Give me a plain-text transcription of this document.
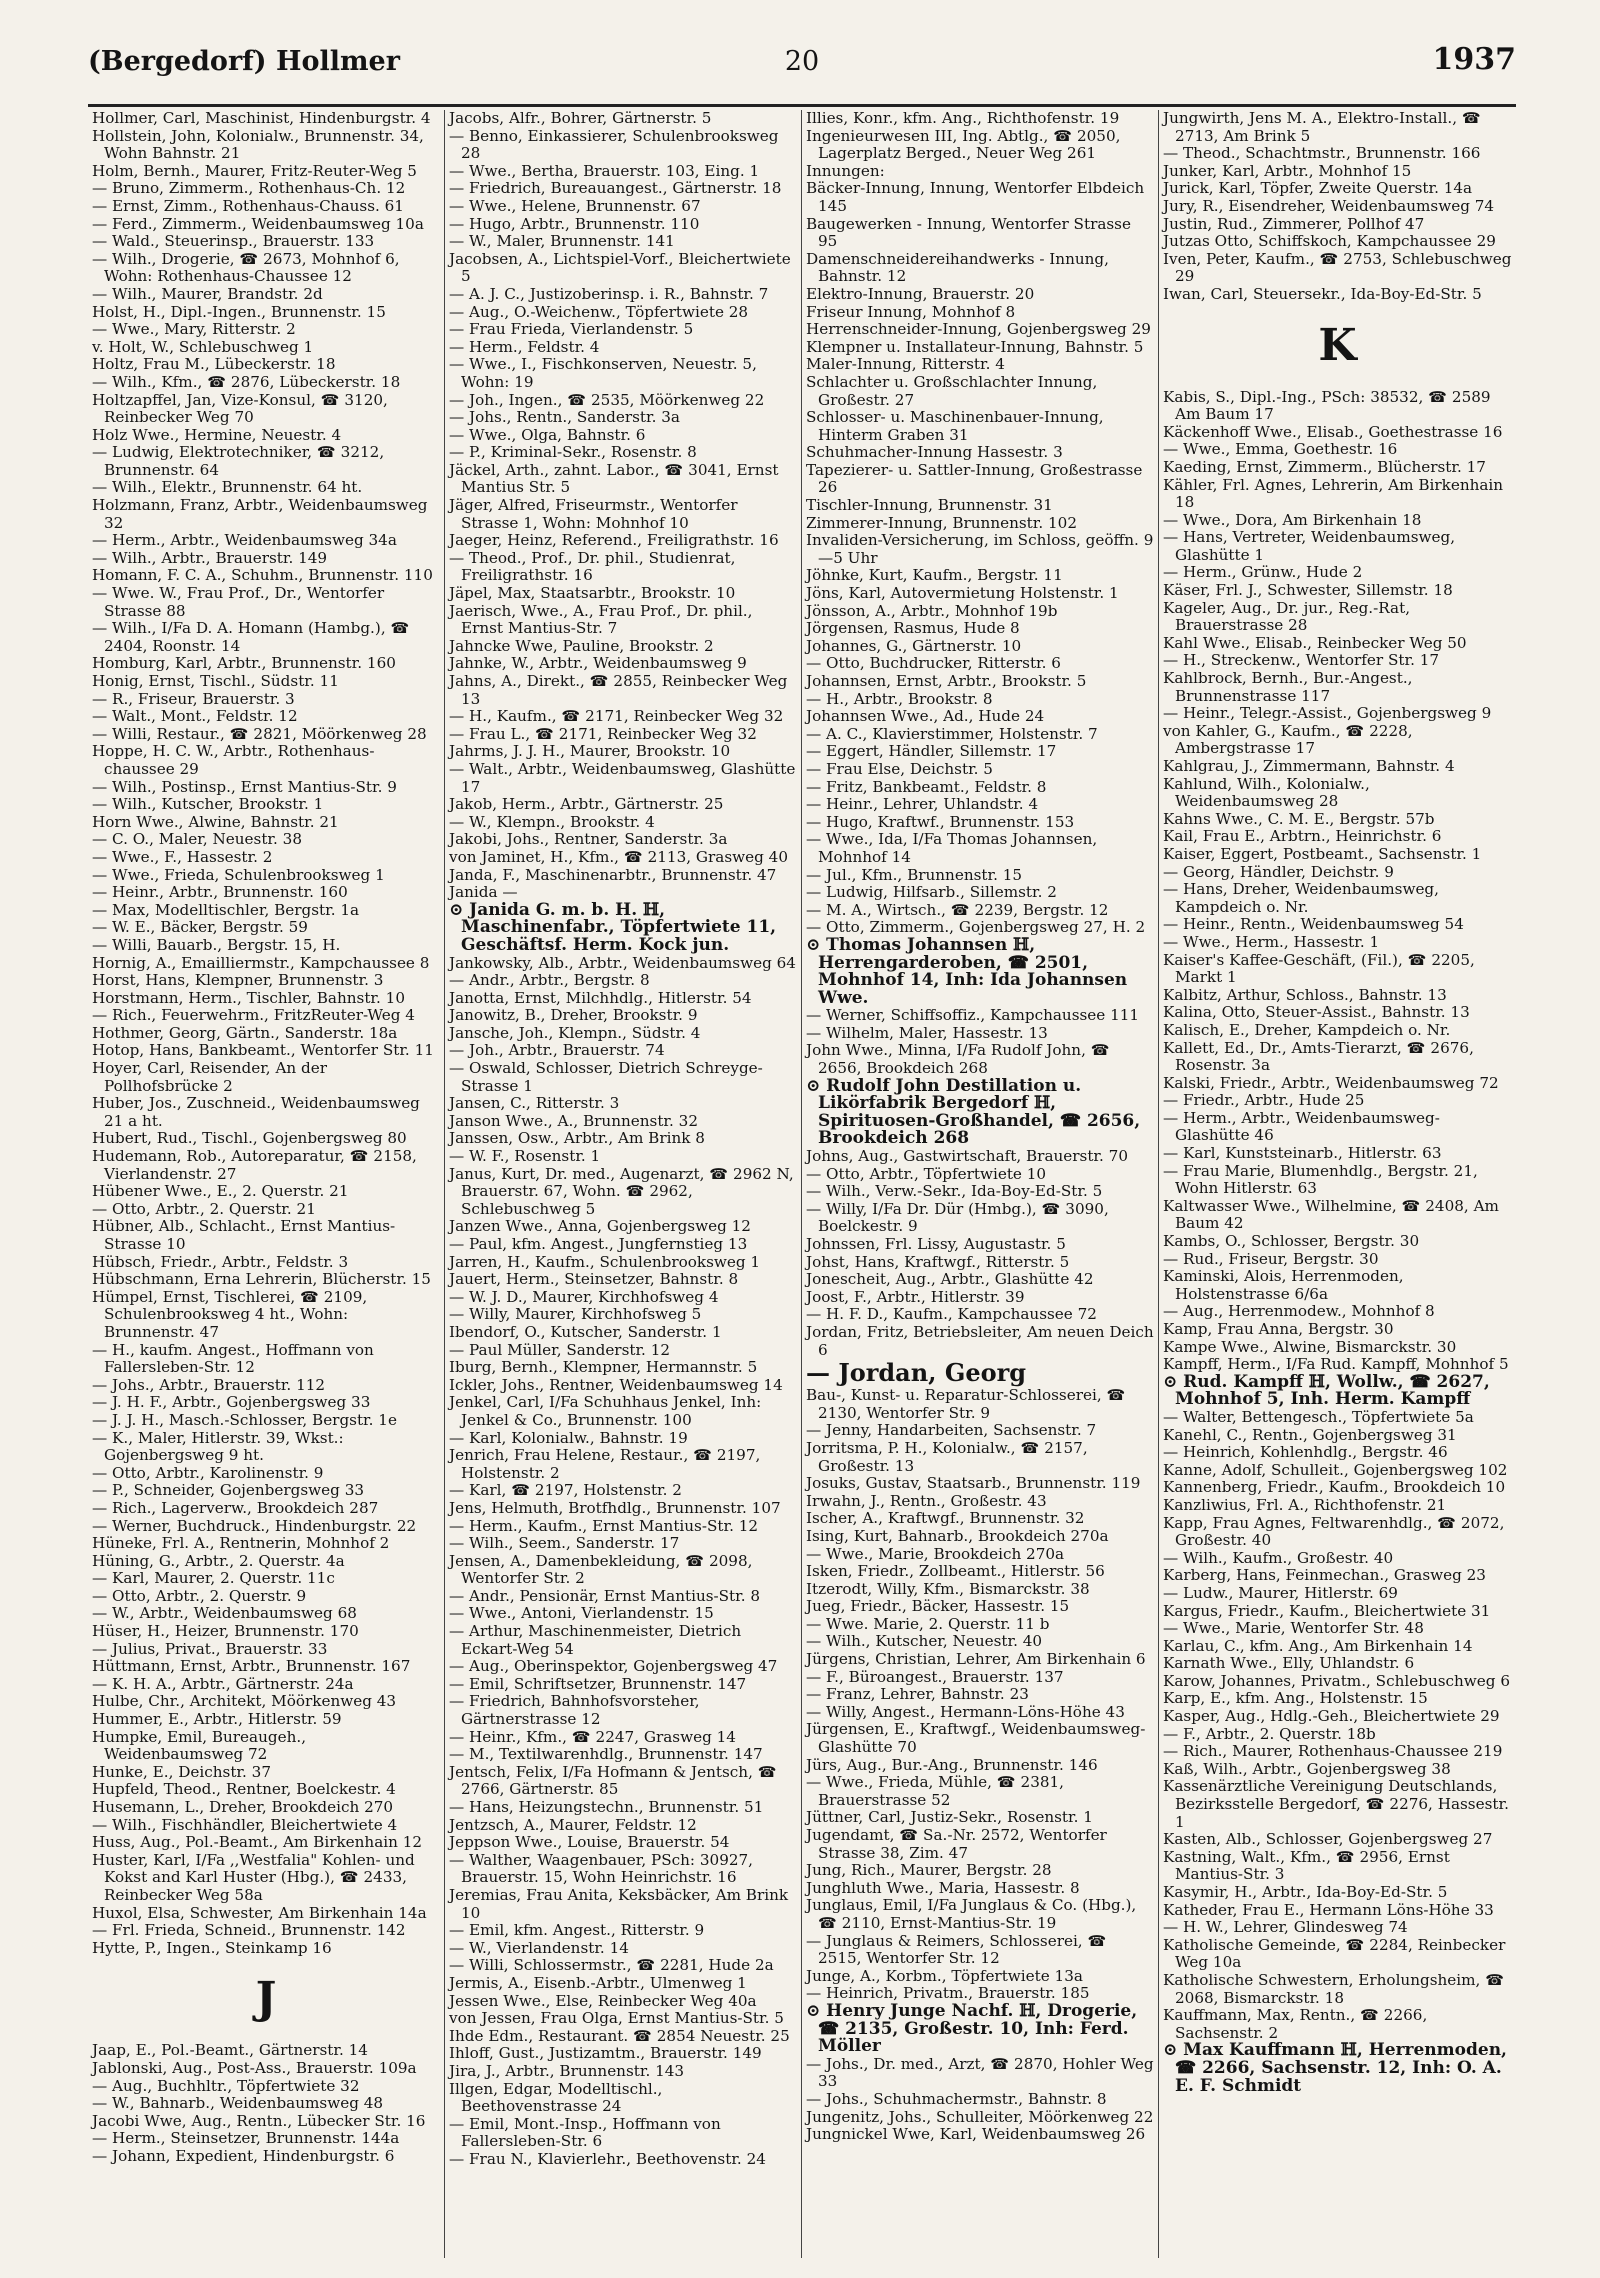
(Bergedorf) Hollmer	20	1937

Hollmer, Carl, Maschinist, Hindenburgstr. 4

Hollstein, John, Kolonialw., Brunnenstr. 34, Wohn Bahnstr. 21

Holm, Bernh., Maurer, Fritz-Reuter-Weg 5

— Bruno, Zimmerm., Rothenhaus-Ch. 12

— Ernst, Zimm., Rothenhaus-Chauss. 61

— Ferd., Zimmerm., Weidenbaumsweg 10a

— Wald., Steuerinsp., Brauerstr. 133

— Wilh., Drogerie, ☎ 2673, Mohnhof 6, Wohn: Rothenhaus-Chaussee 12

— Wilh., Maurer, Brandstr. 2d

Holst, H., Dipl.-Ingen., Brunnenstr. 15

— Wwe., Mary, Ritterstr. 2

v. Holt, W., Schlebuschweg 1

Holtz, Frau M., Lübeckerstr. 18

— Wilh., Kfm., ☎ 2876, Lübeckerstr. 18

Holtzapffel, Jan, Vize-Konsul, ☎ 3120, Reinbecker Weg 70

Holz Wwe., Hermine, Neuestr. 4

— Ludwig, Elektrotechniker, ☎ 3212, Brunnenstr. 64

— Wilh., Elektr., Brunnenstr. 64 ht.

Holzmann, Franz, Arbtr., Weidenbaumsweg 32

— Herm., Arbtr., Weidenbaumsweg 34a

— Wilh., Arbtr., Brauerstr. 149

Homann, F. C. A., Schuhm., Brunnenstr. 110

— Wwe. W., Frau Prof., Dr., Wentorfer Strasse 88

— Wilh., I/Fa D. A. Homann (Hambg.), ☎ 2404, Roonstr. 14

Homburg, Karl, Arbtr., Brunnenstr. 160

Honig, Ernst, Tischl., Südstr. 11

— R., Friseur, Brauerstr. 3

— Walt., Mont., Feldstr. 12

— Willi, Restaur., ☎ 2821, Möörkenweg 28

Hoppe, H. C. W., Arbtr., Rothenhaus-chaussee 29

— Wilh., Postinsp., Ernst Mantius-Str. 9

— Wilh., Kutscher, Brookstr. 1

Horn Wwe., Alwine, Bahnstr. 21

— C. O., Maler, Neuestr. 38

— Wwe., F., Hassestr. 2

— Wwe., Frieda, Schulenbrooksweg 1

— Heinr., Arbtr., Brunnenstr. 160

— Max, Modelltischler, Bergstr. 1a

— W. E., Bäcker, Bergstr. 59

— Willi, Bauarb., Bergstr. 15, H.

Hornig, A., Emailliermstr., Kampchaussee 8

Horst, Hans, Klempner, Brunnenstr. 3

Horstmann, Herm., Tischler, Bahnstr. 10

— Rich., Feuerwehrm., FritzReuter-Weg 4

Hothmer, Georg, Gärtn., Sanderstr. 18a

Hotop, Hans, Bankbeamt., Wentorfer Str. 11

Hoyer, Carl, Reisender, An der Pollhofsbrücke 2

Huber, Jos., Zuschneid., Weidenbaumsweg 21 a ht.

Hubert, Rud., Tischl., Gojenbergsweg 80

Hudemann, Rob., Autoreparatur, ☎ 2158, Vierlandenstr. 27

Hübener Wwe., E., 2. Querstr. 21

— Otto, Arbtr., 2. Querstr. 21

Hübner, Alb., Schlacht., Ernst Mantius-Strasse 10

Hübsch, Friedr., Arbtr., Feldstr. 3

Hübschmann, Erna Lehrerin, Blücherstr. 15

Hümpel, Ernst, Tischlerei, ☎ 2109, Schulenbrooksweg 4 ht., Wohn: Brunnenstr. 47

— H., kaufm. Angest., Hoffmann von Fallersleben-Str. 12

— Johs., Arbtr., Brauerstr. 112

— J. H. F., Arbtr., Gojenbergsweg 33

— J. J. H., Masch.-Schlosser, Bergstr. 1e

— K., Maler, Hitlerstr. 39, Wkst.: Gojenbergsweg 9 ht.

— Otto, Arbtr., Karolinenstr. 9

— P., Schneider, Gojenbergsweg 33

— Rich., Lagerverw., Brookdeich 287

— Werner, Buchdruck., Hindenburgstr. 22

Hüneke, Frl. A., Rentnerin, Mohnhof 2

Hüning, G., Arbtr., 2. Querstr. 4a

— Karl, Maurer, 2. Querstr. 11c

— Otto, Arbtr., 2. Querstr. 9

— W., Arbtr., Weidenbaumsweg 68

Hüser, H., Heizer, Brunnenstr. 170

— Julius, Privat., Brauerstr. 33

Hüttmann, Ernst, Arbtr., Brunnenstr. 167

— K. H. A., Arbtr., Gärtnerstr. 24a

Hulbe, Chr., Architekt, Möörkenweg 43

Hummer, E., Arbtr., Hitlerstr. 59

Humpke, Emil, Bureaugeh., Weidenbaumsweg 72

Hunke, E., Deichstr. 37

Hupfeld, Theod., Rentner, Boelckestr. 4

Husemann, L., Dreher, Brookdeich 270

— Wilh., Fischhändler, Bleichertwiete 4

Huss, Aug., Pol.-Beamt., Am Birkenhain 12

Huster, Karl, I/Fa ,,Westfalia" Kohlen- und Kokst and Karl Huster (Hbg.), ☎ 2433, Reinbecker Weg 58a

Huxol, Elsa, Schwester, Am Birkenhain 14a

— Frl. Frieda, Schneid., Brunnenstr. 142

Hytte, P., Ingen., Steinkamp 16

J

Jaap, E., Pol.-Beamt., Gärtnerstr. 14

Jablonski, Aug., Post-Ass., Brauerstr. 109a

— Aug., Buchhltr., Töpfertwiete 32

— W., Bahnarb., Weidenbaumsweg 48

Jacobi Wwe, Aug., Rentn., Lübecker Str. 16

— Herm., Steinsetzer, Brunnenstr. 144a

— Johann, Expedient, Hindenburgstr. 6

Jacobs, Alfr., Bohrer, Gärtnerstr. 5

— Benno, Einkassierer, Schulenbrooksweg 28

— Wwe., Bertha, Brauerstr. 103, Eing. 1

— Friedrich, Bureauangest., Gärtnerstr. 18

— Wwe., Helene, Brunnenstr. 67

— Hugo, Arbtr., Brunnenstr. 110

— W., Maler, Brunnenstr. 141

Jacobsen, A., Lichtspiel-Vorf., Bleichertwiete 5

— A. J. C., Justizoberinsp. i. R., Bahnstr. 7

— Aug., O.-Weichenw., Töpfertwiete 28

— Frau Frieda, Vierlandenstr. 5

— Herm., Feldstr. 4

— Wwe., I., Fischkonserven, Neuestr. 5, Wohn: 19

— Joh., Ingen., ☎ 2535, Möörkenweg 22

— Johs., Rentn., Sanderstr. 3a

— Wwe., Olga, Bahnstr. 6

— P., Kriminal-Sekr., Rosenstr. 8

Jäckel, Arth., zahnt. Labor., ☎ 3041, Ernst Mantius Str. 5

Jäger, Alfred, Friseurmstr., Wentorfer Strasse 1, Wohn: Mohnhof 10

Jaeger, Heinz, Referend., Freiligrathstr. 16

— Theod., Prof., Dr. phil., Studienrat, Freiligrathstr. 16

Jäpel, Max, Staatsarbtr., Brookstr. 10

Jaerisch, Wwe., A., Frau Prof., Dr. phil., Ernst Mantius-Str. 7

Jahncke Wwe, Pauline, Brookstr. 2

Jahnke, W., Arbtr., Weidenbaumsweg 9

Jahns, A., Direkt., ☎ 2855, Reinbecker Weg 13

— H., Kaufm., ☎ 2171, Reinbecker Weg 32

— Frau L., ☎ 2171, Reinbecker Weg 32

Jahrms, J. J. H., Maurer, Brookstr. 10

— Walt., Arbtr., Weidenbaumsweg, Glashütte 17

Jakob, Herm., Arbtr., Gärtnerstr. 25

— W., Klempn., Brookstr. 4

Jakobi, Johs., Rentner, Sanderstr. 3a

von Jaminet, H., Kfm., ☎ 2113, Grasweg 40

Janda, F., Maschinenarbtr., Brunnenstr. 47

Janida —

⊙ Janida G. m. b. H. ℍ, Maschinenfabr., Töpfertwiete 11, Geschäftsf. Herm. Kock jun.

Jankowsky, Alb., Arbtr., Weidenbaumsweg 64

— Andr., Arbtr., Bergstr. 8

Janotta, Ernst, Milchhdlg., Hitlerstr. 54

Janowitz, B., Dreher, Brookstr. 9

Jansche, Joh., Klempn., Südstr. 4

— Joh., Arbtr., Brauerstr. 74

— Oswald, Schlosser, Dietrich Schreyge-Strasse 1

Jansen, C., Ritterstr. 3

Janson Wwe., A., Brunnenstr. 32

Janssen, Osw., Arbtr., Am Brink 8

— W. F., Rosenstr. 1

Janus, Kurt, Dr. med., Augenarzt, ☎ 2962 N, Brauerstr. 67, Wohn. ☎ 2962, Schlebuschweg 5

Janzen Wwe., Anna, Gojenbergsweg 12

— Paul, kfm. Angest., Jungfernstieg 13

Jarren, H., Kaufm., Schulenbrooksweg 1

Jauert, Herm., Steinsetzer, Bahnstr. 8

— W. J. D., Maurer, Kirchhofsweg 4

— Willy, Maurer, Kirchhofsweg 5

Ibendorf, O., Kutscher, Sanderstr. 1

— Paul Müller, Sanderstr. 12

Iburg, Bernh., Klempner, Hermannstr. 5

Ickler, Johs., Rentner, Weidenbaumsweg 14

Jenkel, Carl, I/Fa Schuhhaus Jenkel, Inh: Jenkel & Co., Brunnenstr. 100

— Karl, Kolonialw., Bahnstr. 19

Jenrich, Frau Helene, Restaur., ☎ 2197, Holstenstr. 2

— Karl, ☎ 2197, Holstenstr. 2

Jens, Helmuth, Brotfhdlg., Brunnenstr. 107

— Herm., Kaufm., Ernst Mantius-Str. 12

— Wilh., Seem., Sanderstr. 17

Jensen, A., Damenbekleidung, ☎ 2098, Wentorfer Str. 2

— Andr., Pensionär, Ernst Mantius-Str. 8

— Wwe., Antoni, Vierlandenstr. 15

— Arthur, Maschinenmeister, Dietrich Eckart-Weg 54

— Aug., Oberinspektor, Gojenbergsweg 47

— Emil, Schriftsetzer, Brunnenstr. 147

— Friedrich, Bahnhofsvorsteher, Gärtnerstrasse 12

— Heinr., Kfm., ☎ 2247, Grasweg 14

— M., Textilwarenhdlg., Brunnenstr. 147

Jentsch, Felix, I/Fa Hofmann & Jentsch, ☎ 2766, Gärtnerstr. 85

— Hans, Heizungstechn., Brunnenstr. 51

Jentzsch, A., Maurer, Feldstr. 12

Jeppson Wwe., Louise, Brauerstr. 54

— Walther, Waagenbauer, PSch: 30927, Brauerstr. 15, Wohn Heinrichstr. 16

Jeremias, Frau Anita, Keksbäcker, Am Brink 10

— Emil, kfm. Angest., Ritterstr. 9

— W., Vierlandenstr. 14

— Willi, Schlossermstr., ☎ 2281, Hude 2a

Jermis, A., Eisenb.-Arbtr., Ulmenweg 1

Jessen Wwe., Else, Reinbecker Weg 40a

von Jessen, Frau Olga, Ernst Mantius-Str. 5

Ihde Edm., Restaurant. ☎ 2854 Neuestr. 25

Ihloff, Gust., Justizamtm., Brauerstr. 149

Jira, J., Arbtr., Brunnenstr. 143

Illgen, Edgar, Modelltischl., Beethovenstrasse 24

— Emil, Mont.-Insp., Hoffmann von Fallersleben-Str. 6

— Frau N., Klavierlehr., Beethovenstr. 24

Illies, Konr., kfm. Ang., Richthofenstr. 19

Ingenieurwesen III, Ing. Abtlg., ☎ 2050, Lagerplatz Berged., Neuer Weg 261

Innungen:

Bäcker-Innung, Innung, Wentorfer Elbdeich 145

Baugewerken - Innung, Wentorfer Strasse 95

Damenschneidereihandwerks - Innung, Bahnstr. 12

Elektro-Innung, Brauerstr. 20

Friseur Innung, Mohnhof 8

Herrenschneider-Innung, Gojenbergsweg 29

Klempner u. Installateur-Innung, Bahnstr. 5

Maler-Innung, Ritterstr. 4

Schlachter u. Großschlachter Innung, Großestr. 27

Schlosser- u. Maschinenbauer-Innung, Hinterm Graben 31

Schuhmacher-Innung Hassestr. 3

Tapezierer- u. Sattler-Innung, Großestrasse 26

Tischler-Innung, Brunnenstr. 31

Zimmerer-Innung, Brunnenstr. 102

Invaliden-Versicherung, im Schloss, geöffn. 9—5 Uhr

Jöhnke, Kurt, Kaufm., Bergstr. 11

Jöns, Karl, Autovermietung Holstenstr. 1

Jönsson, A., Arbtr., Mohnhof 19b

Jörgensen, Rasmus, Hude 8

Johannes, G., Gärtnerstr. 10

— Otto, Buchdrucker, Ritterstr. 6

Johannsen, Ernst, Arbtr., Brookstr. 5

— H., Arbtr., Brookstr. 8

Johannsen Wwe., Ad., Hude 24

— A. C., Klavierstimmer, Holstenstr. 7

— Eggert, Händler, Sillemstr. 17

— Frau Else, Deichstr. 5

— Fritz, Bankbeamt., Feldstr. 8

— Heinr., Lehrer, Uhlandstr. 4

— Hugo, Kraftwf., Brunnenstr. 153

— Wwe., Ida, I/Fa Thomas Johannsen, Mohnhof 14

— Jul., Kfm., Brunnenstr. 15

— Ludwig, Hilfsarb., Sillemstr. 2

— M. A., Wirtsch., ☎ 2239, Bergstr. 12

— Otto, Zimmerm., Gojenbergsweg 27, H. 2

⊙ Thomas Johannsen ℍ, Herrengarderoben, ☎ 2501, Mohnhof 14, Inh: Ida Johannsen Wwe.

— Werner, Schiffsoffiz., Kampchaussee 111

— Wilhelm, Maler, Hassestr. 13

John Wwe., Minna, I/Fa Rudolf John, ☎ 2656, Brookdeich 268

⊙ Rudolf John Destillation u. Likörfabrik Bergedorf ℍ, Spirituosen-Großhandel, ☎ 2656, Brookdeich 268

Johns, Aug., Gastwirtschaft, Brauerstr. 70

— Otto, Arbtr., Töpfertwiete 10

— Wilh., Verw.-Sekr., Ida-Boy-Ed-Str. 5

— Willy, I/Fa Dr. Dür (Hmbg.), ☎ 3090, Boelckestr. 9

Johnssen, Frl. Lissy, Augustastr. 5

Johst, Hans, Kraftwgf., Ritterstr. 5

Jonescheit, Aug., Arbtr., Glashütte 42

Joost, F., Arbtr., Hitlerstr. 39

— H. F. D., Kaufm., Kampchaussee 72

Jordan, Fritz, Betriebsleiter, Am neuen Deich 6

— Jordan, Georg

Bau-, Kunst- u. Reparatur-Schlosserei, ☎ 2130, Wentorfer Str. 9

— Jenny, Handarbeiten, Sachsenstr. 7

Jorritsma, P. H., Kolonialw., ☎ 2157, Großestr. 13

Josuks, Gustav, Staatsarb., Brunnenstr. 119

Irwahn, J., Rentn., Großestr. 43

Ischer, A., Kraftwgf., Brunnenstr. 32

Ising, Kurt, Bahnarb., Brookdeich 270a

— Wwe., Marie, Brookdeich 270a

Isken, Friedr., Zollbeamt., Hitlerstr. 56

Itzerodt, Willy, Kfm., Bismarckstr. 38

Jueg, Friedr., Bäcker, Hassestr. 15

— Wwe. Marie, 2. Querstr. 11 b

— Wilh., Kutscher, Neuestr. 40

Jürgens, Christian, Lehrer, Am Birkenhain 6

— F., Büroangest., Brauerstr. 137

— Franz, Lehrer, Bahnstr. 23

— Willy, Angest., Hermann-Löns-Höhe 43

Jürgensen, E., Kraftwgf., Weidenbaumsweg-Glashütte 70

Jürs, Aug., Bur.-Ang., Brunnenstr. 146

— Wwe., Frieda, Mühle, ☎ 2381, Brauerstrasse 52

Jüttner, Carl, Justiz-Sekr., Rosenstr. 1

Jugendamt, ☎ Sa.-Nr. 2572, Wentorfer Strasse 38, Zim. 47

Jung, Rich., Maurer, Bergstr. 28

Junghluth Wwe., Maria, Hassestr. 8

Junglaus, Emil, I/Fa Junglaus & Co. (Hbg.), ☎ 2110, Ernst-Mantius-Str. 19

— Junglaus & Reimers, Schlosserei, ☎ 2515, Wentorfer Str. 12

Junge, A., Korbm., Töpfertwiete 13a

— Heinrich, Privatm., Brauerstr. 185

⊙ Henry Junge Nachf. ℍ, Drogerie, ☎ 2135, Großestr. 10, Inh: Ferd. Möller

— Johs., Dr. med., Arzt, ☎ 2870, Hohler Weg 33

— Johs., Schuhmachermstr., Bahnstr. 8

Jungenitz, Johs., Schulleiter, Möörkenweg 22

Jungnickel Wwe, Karl, Weidenbaumsweg 26

Jungwirth, Jens M. A., Elektro-Install., ☎ 2713, Am Brink 5

— Theod., Schachtmstr., Brunnenstr. 166

Junker, Karl, Arbtr., Mohnhof 15

Jurick, Karl, Töpfer, Zweite Querstr. 14a

Jury, R., Eisendreher, Weidenbaumsweg 74

Justin, Rud., Zimmerer, Pollhof 47

Jutzas Otto, Schiffskoch, Kampchaussee 29

Iven, Peter, Kaufm., ☎ 2753, Schlebuschweg 29

Iwan, Carl, Steuersekr., Ida-Boy-Ed-Str. 5

K

Kabis, S., Dipl.-Ing., PSch: 38532, ☎ 2589 Am Baum 17

Käckenhoff Wwe., Elisab., Goethestrasse 16

— Wwe., Emma, Goethestr. 16

Kaeding, Ernst, Zimmerm., Blücherstr. 17

Kähler, Frl. Agnes, Lehrerin, Am Birkenhain 18

— Wwe., Dora, Am Birkenhain 18

— Hans, Vertreter, Weidenbaumsweg, Glashütte 1

— Herm., Grünw., Hude 2

Käser, Frl. J., Schwester, Sillemstr. 18

Kageler, Aug., Dr. jur., Reg.-Rat, Brauerstrasse 28

Kahl Wwe., Elisab., Reinbecker Weg 50

— H., Streckenw., Wentorfer Str. 17

Kahlbrock, Bernh., Bur.-Angest., Brunnenstrasse 117

— Heinr., Telegr.-Assist., Gojenbergsweg 9

von Kahler, G., Kaufm., ☎ 2228, Ambergstrasse 17

Kahlgrau, J., Zimmermann, Bahnstr. 4

Kahlund, Wilh., Kolonialw., Weidenbaumsweg 28

Kahns Wwe., C. M. E., Bergstr. 57b

Kail, Frau E., Arbtrn., Heinrichstr. 6

Kaiser, Eggert, Postbeamt., Sachsenstr. 1

— Georg, Händler, Deichstr. 9

— Hans, Dreher, Weidenbaumsweg, Kampdeich o. Nr.

— Heinr., Rentn., Weidenbaumsweg 54

— Wwe., Herm., Hassestr. 1

Kaiser's Kaffee-Geschäft, (Fil.), ☎ 2205, Markt 1

Kalbitz, Arthur, Schloss., Bahnstr. 13

Kalina, Otto, Steuer-Assist., Bahnstr. 13

Kalisch, E., Dreher, Kampdeich o. Nr.

Kallett, Ed., Dr., Amts-Tierarzt, ☎ 2676, Rosenstr. 3a

Kalski, Friedr., Arbtr., Weidenbaumsweg 72

— Friedr., Arbtr., Hude 25

— Herm., Arbtr., Weidenbaumsweg-Glashütte 46

— Karl, Kunststeinarb., Hitlerstr. 63

— Frau Marie, Blumenhdlg., Bergstr. 21, Wohn Hitlerstr. 63

Kaltwasser Wwe., Wilhelmine, ☎ 2408, Am Baum 42

Kambs, O., Schlosser, Bergstr. 30

— Rud., Friseur, Bergstr. 30

Kaminski, Alois, Herrenmoden, Holstenstrasse 6/6a

— Aug., Herrenmodew., Mohnhof 8

Kamp, Frau Anna, Bergstr. 30

Kampe Wwe., Alwine, Bismarckstr. 30

Kampff, Herm., I/Fa Rud. Kampff, Mohnhof 5

⊙ Rud. Kampff ℍ, Wollw., ☎ 2627, Mohnhof 5, Inh. Herm. Kampff

— Walter, Bettengesch., Töpfertwiete 5a

Kanehl, C., Rentn., Gojenbergsweg 31

— Heinrich, Kohlenhdlg., Bergstr. 46

Kanne, Adolf, Schulleit., Gojenbergsweg 102

Kannenberg, Friedr., Kaufm., Brookdeich 10

Kanzliwius, Frl. A., Richthofenstr. 21

Kapp, Frau Agnes, Feltwarenhdlg., ☎ 2072, Großestr. 40

— Wilh., Kaufm., Großestr. 40

Karberg, Hans, Feinmechan., Grasweg 23

— Ludw., Maurer, Hitlerstr. 69

Kargus, Friedr., Kaufm., Bleichertwiete 31

— Wwe., Marie, Wentorfer Str. 48

Karlau, C., kfm. Ang., Am Birkenhain 14

Karnath Wwe., Elly, Uhlandstr. 6

Karow, Johannes, Privatm., Schlebuschweg 6

Karp, E., kfm. Ang., Holstenstr. 15

Kasper, Aug., Hdlg.-Geh., Bleichertwiete 29

— F., Arbtr., 2. Querstr. 18b

— Rich., Maurer, Rothenhaus-Chaussee 219

Kaß, Wilh., Arbtr., Gojenbergsweg 38

Kassenärztliche Vereinigung Deutschlands, Bezirksstelle Bergedorf, ☎ 2276, Hassestr. 1

Kasten, Alb., Schlosser, Gojenbergsweg 27

Kastning, Walt., Kfm., ☎ 2956, Ernst Mantius-Str. 3

Kasymir, H., Arbtr., Ida-Boy-Ed-Str. 5

Katheder, Frau E., Hermann Löns-Höhe 33

— H. W., Lehrer, Glindesweg 74

Katholische Gemeinde, ☎ 2284, Reinbecker Weg 10a

Katholische Schwestern, Erholungsheim, ☎ 2068, Bismarckstr. 18

Kauffmann, Max, Rentn., ☎ 2266, Sachsenstr. 2

⊙ Max Kauffmann ℍ, Herrenmoden, ☎ 2266, Sachsenstr. 12, Inh: O. A. E. F. Schmidt
